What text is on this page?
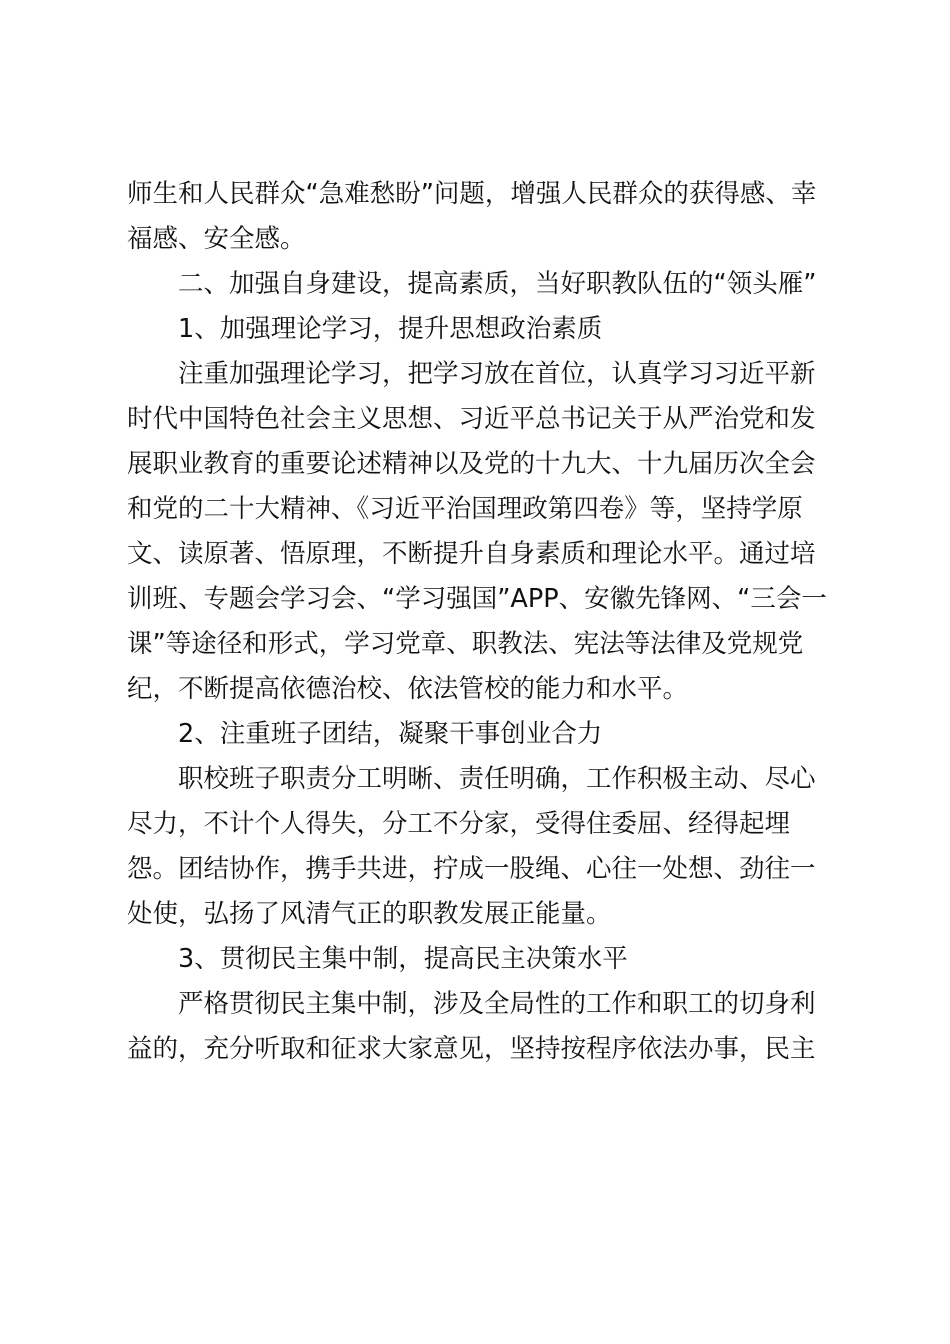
师生和人民群众“急难愁盼”问题，增强人民群众的获得感、幸福感、安全感。

二、加强自身建设，提高素质，当好职教队伍的“领头雁”

1、加强理论学习，提升思想政治素质

注重加强理论学习，把学习放在首位，认真学习习近平新时代中国特色社会主义思想、习近平总书记关于从严治党和发展职业教育的重要论述精神以及党的十九大、十九届历次全会和党的二十大精神、《习近平治国理政第四卷》等，坚持学原文、读原著、悟原理，不断提升自身素质和理论水平。通过培训班、专题会学习会、“学习强国”APP、安徽先锋网、“三会一课”等途径和形式，学习党章、职教法、宪法等法律及党规党纪，不断提高依德治校、依法管校的能力和水平。

2、注重班子团结，凝聚干事创业合力

职校班子职责分工明晰、责任明确，工作积极主动、尽心尽力，不计个人得失，分工不分家，受得住委屈、经得起埋怨。团结协作，携手共进，拧成一股绳、心往一处想、劲往一处使，弘扬了风清气正的职教发展正能量。

3、贯彻民主集中制，提高民主决策水平

严格贯彻民主集中制，涉及全局性的工作和职工的切身利益的，充分听取和征求大家意见，坚持按程序依法办事，民主
